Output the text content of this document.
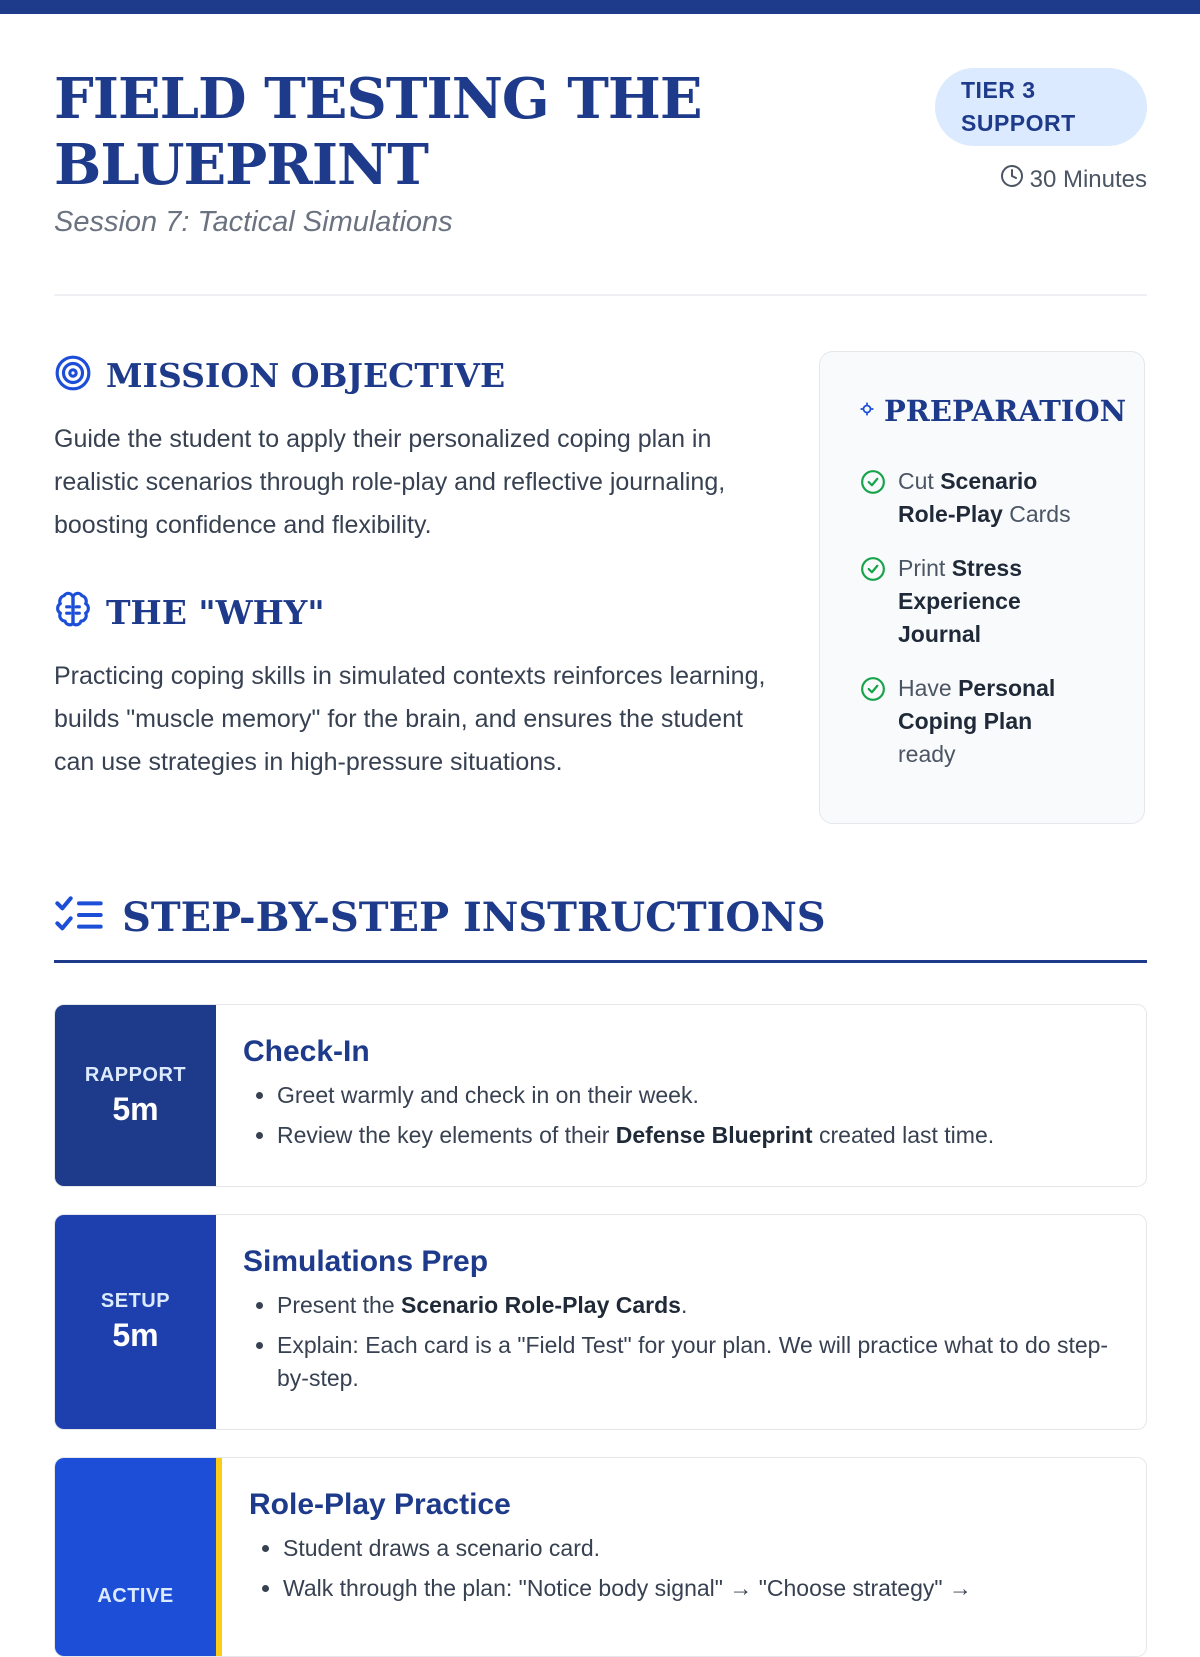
FIELD TESTING THE BLUEPRINT

Session 7: Tactical Simulations

TIER 3 SUPPORT
30 Minutes
MISSION OBJECTIVE

Guide the student to apply their personalized coping plan in realistic scenarios through role-play and reflective journaling, boosting confidence and flexibility.

THE "WHY"

Practicing coping skills in simulated contexts reinforces learning, builds "muscle memory" for the brain, and ensures the student can use strategies in high-pressure situations.

PREPARATION
Cut Scenario Role-Play Cards
Print Stress Experience Journal
Have Personal Coping Plan ready
STEP-BY-STEP INSTRUCTIONS
RAPPORT
5m
Check-In
• Greet warmly and check in on their week.
• Review the key elements of their Defense Blueprint created last time.
SETUP
5m
Simulations Prep
• Present the Scenario Role-Play Cards.
• Explain: Each card is a "Field Test" for your plan. We will practice what to do step-by-step.
ACTIVE
Role-Play Practice
• Student draws a scenario card.
• Walk through the plan: "Notice body signal" → "Choose strategy" →
